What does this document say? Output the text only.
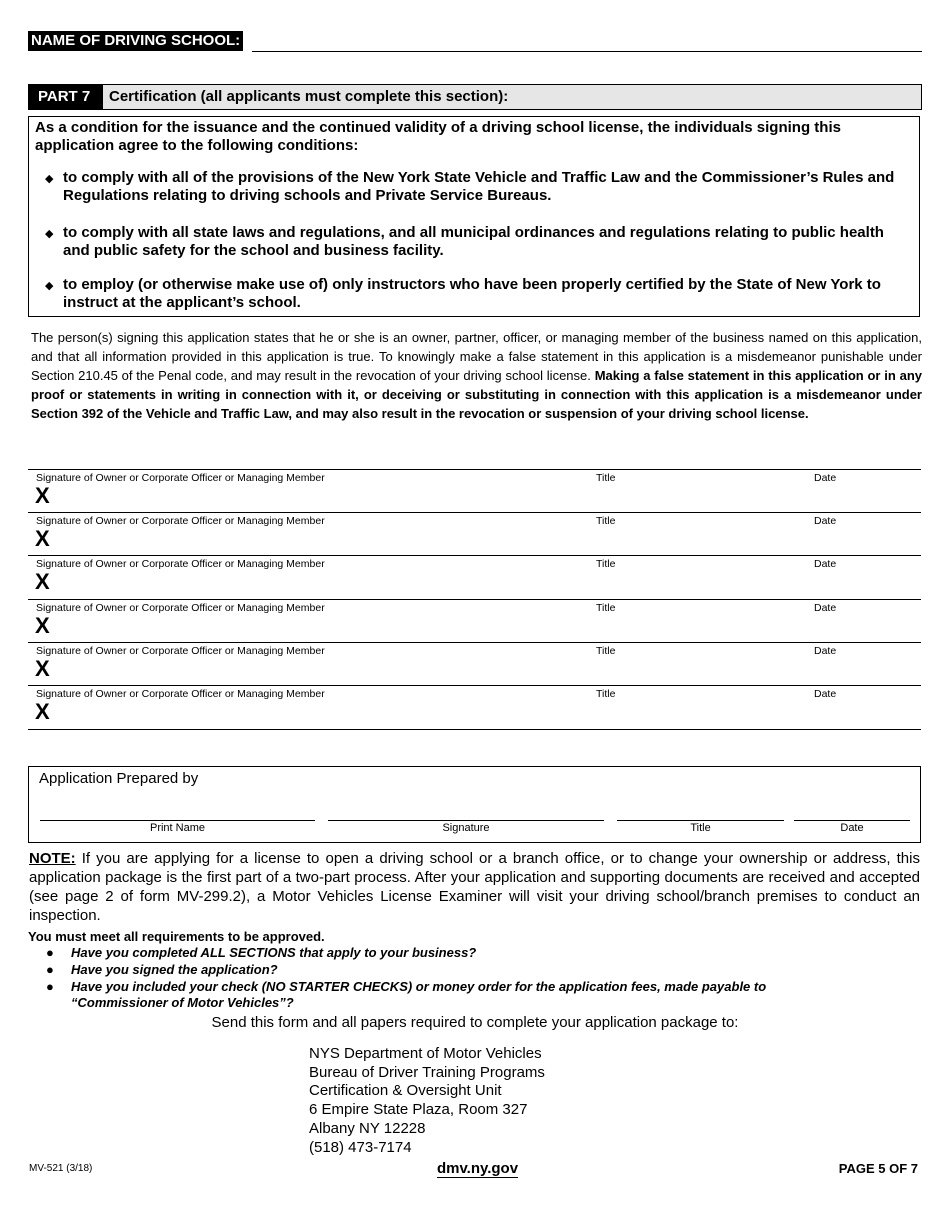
NAME OF DRIVING SCHOOL:
PART 7	Certification (all applicants must complete this section):
As a condition for the issuance and the continued validity of a driving school license, the individuals signing this application agree to the following conditions:
◆ to comply with all of the provisions of the New York State Vehicle and Traffic Law and the Commissioner’s Rules and Regulations relating to driving schools and Private Service Bureaus.
◆ to comply with all state laws and regulations, and all municipal ordinances and regulations relating to public health and public safety for the school and business facility.
◆ to employ (or otherwise make use of) only instructors who have been properly certified by the State of New York to instruct at the applicant’s school.
The person(s) signing this application states that he or she is an owner, partner, officer, or managing member of the business named on this application, and that all information provided in this application is true. To knowingly make a false statement in this application is a misdemeanor punishable under Section 210.45 of the Penal code, and may result in the revocation of your driving school license. Making a false statement in this application or in any proof or statements in writing in connection with it, or deceiving or substituting in connection with this application is a misdemeanor under Section 392 of the Vehicle and Traffic Law, and may also result in the revocation or suspension of your driving school license.
Signature of Owner or Corporate Officer or Managing Member	Title	Date
X
Signature of Owner or Corporate Officer or Managing Member	Title	Date
X
Signature of Owner or Corporate Officer or Managing Member	Title	Date
X
Signature of Owner or Corporate Officer or Managing Member	Title	Date
X
Signature of Owner or Corporate Officer or Managing Member	Title	Date
X
Signature of Owner or Corporate Officer or Managing Member	Title	Date
X
Application Prepared by
Print Name	Signature	Title	Date
NOTE: If you are applying for a license to open a driving school or a branch office, or to change your ownership or address, this application package is the first part of a two-part process. After your application and supporting documents are received and accepted (see page 2 of form MV-299.2), a Motor Vehicles License Examiner will visit your driving school/branch premises to conduct an inspection.
You must meet all requirements to be approved.
● Have you completed ALL SECTIONS that apply to your business?
● Have you signed the application?
● Have you included your check (NO STARTER CHECKS) or money order for the application fees, made payable to “Commissioner of Motor Vehicles”?
Send this form and all papers required to complete your application package to:
NYS Department of Motor Vehicles
Bureau of Driver Training Programs
Certification & Oversight Unit
6 Empire State Plaza, Room 327
Albany NY 12228
(518) 473-7174
MV-521 (3/18)	dmv.ny.gov	PAGE 5 OF 7
